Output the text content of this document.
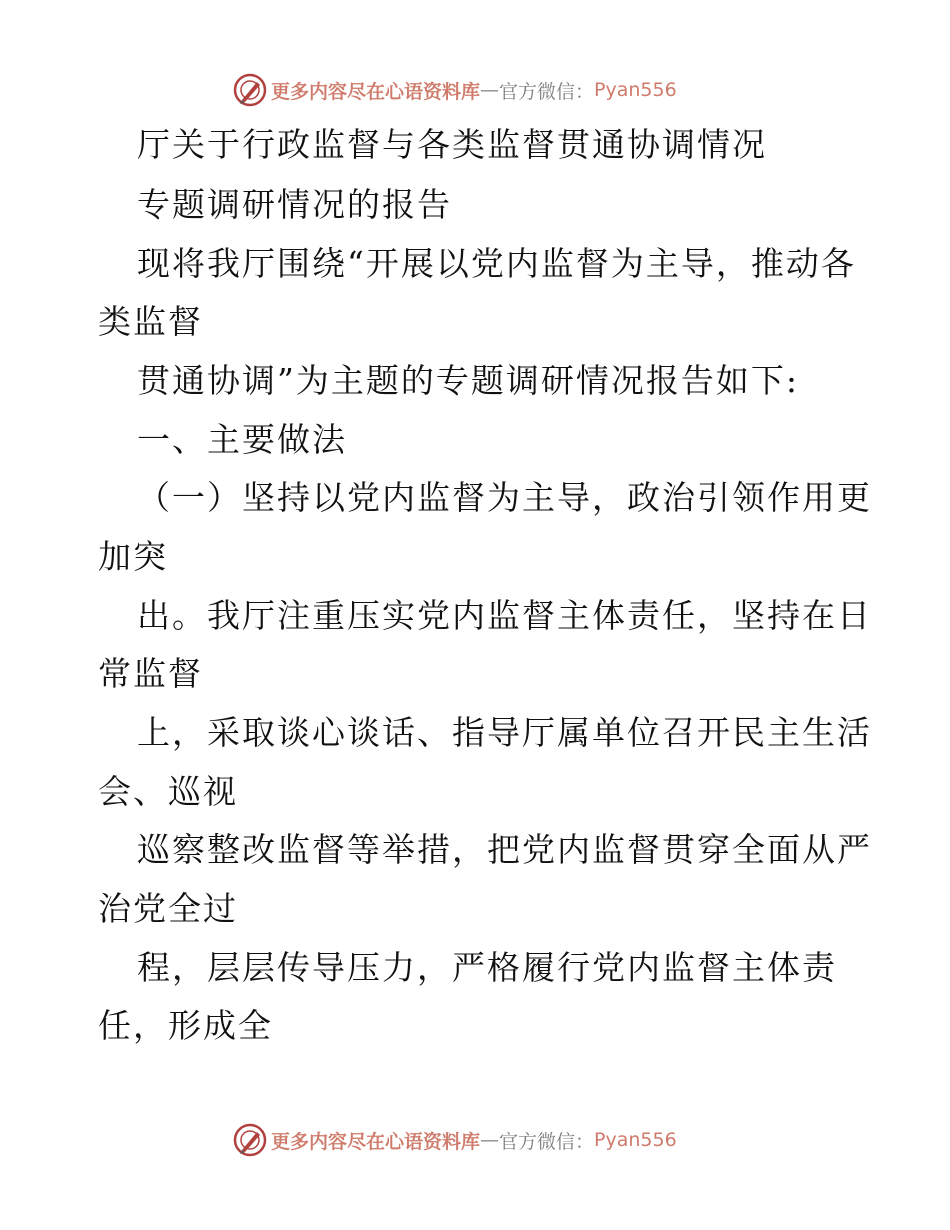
更多内容尽在心语资料库 — 官方微信： Pyan556
厅关于行政监督与各类监督贯通协调情况
专题调研情况的报告
现将我厅围绕“开展以党内监督为主导，推动各
类监督
贯通协调”为主题的专题调研情况报告如下:
一、主要做法
（一）坚持以党内监督为主导，政治引领作用更
加突
出。我厅注重压实党内监督主体责任，坚持在日
常监督
上，采取谈心谈话、指导厅属单位召开民主生活
会、巡视
巡察整改监督等举措，把党内监督贯穿全面从严
治党全过
程，层层传导压力，严格履行党内监督主体责
任，形成全
更多内容尽在心语资料库 — 官方微信： Pyan556
